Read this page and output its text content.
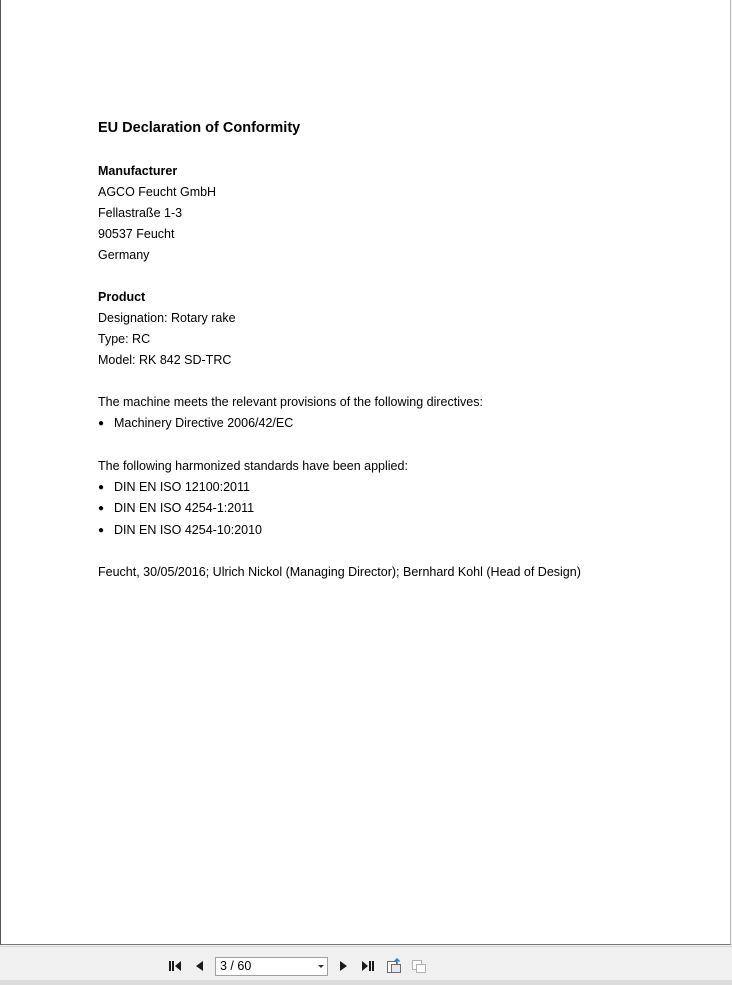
EU Declaration of Conformity
Manufacturer
AGCO Feucht GmbH
Fellastraße 1-3
90537 Feucht
Germany
Product
Designation: Rotary rake
Type: RC
Model: RK 842 SD-TRC
The machine meets the relevant provisions of the following directives:
● Machinery Directive 2006/42/EC
The following harmonized standards have been applied:
● DIN EN ISO 12100:2011
● DIN EN ISO 4254-1:2011
● DIN EN ISO 4254-10:2010
Feucht, 30/05/2016; Ulrich Nickol (Managing Director); Bernhard Kohl (Head of Design)
3 / 60
